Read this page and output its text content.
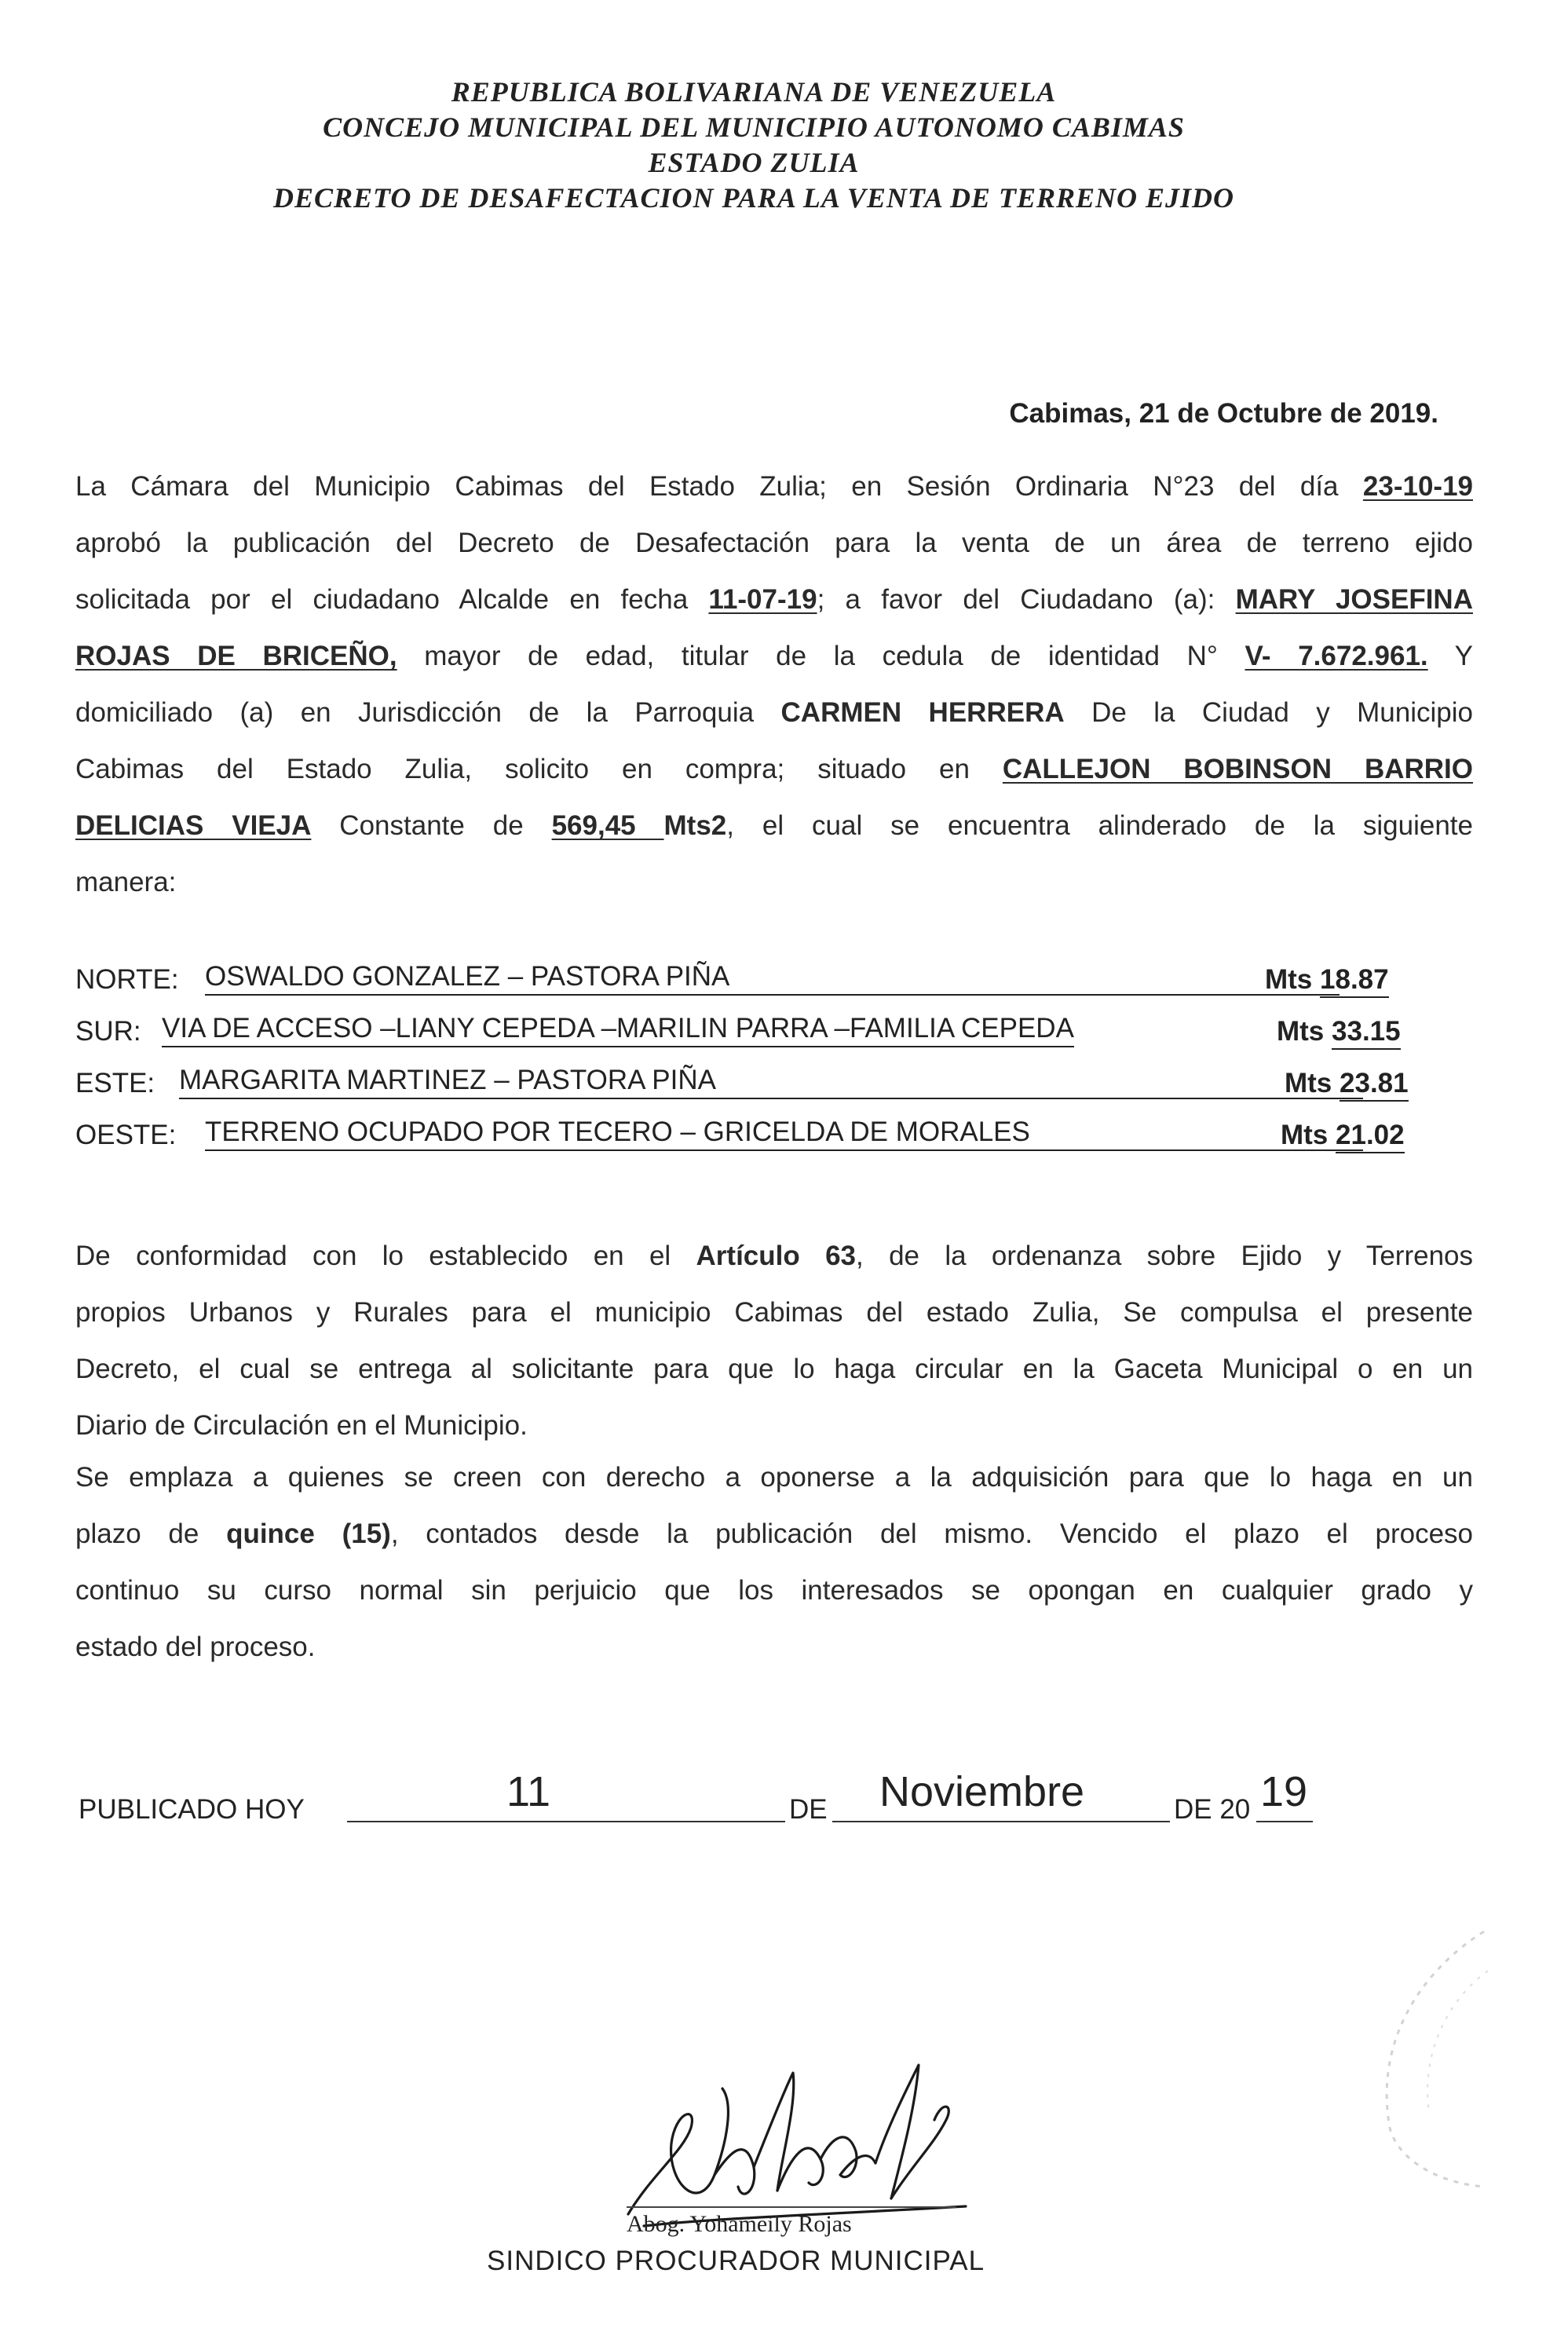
REPUBLICA BOLIVARIANA DE VENEZUELA
CONCEJO MUNICIPAL DEL MUNICIPIO AUTONOMO CABIMAS
ESTADO ZULIA
DECRETO DE DESAFECTACION PARA LA VENTA DE TERRENO EJIDO
Cabimas, 21 de Octubre de 2019.
La Cámara del Municipio Cabimas del Estado Zulia; en Sesión Ordinaria N°23 del día 23-10-19
aprobó la publicación del Decreto de Desafectación para la venta de un área de terreno ejido
solicitada por el ciudadano Alcalde en fecha 11-07-19; a favor del Ciudadano (a): MARY JOSEFINA
ROJAS DE BRICEÑO, mayor de edad, titular de la cedula de identidad N° V- 7.672.961. Y
domiciliado (a) en Jurisdicción de la Parroquia CARMEN HERRERA De la Ciudad y Municipio
Cabimas del Estado Zulia, solicito en compra; situado en CALLEJON BOBINSON BARRIO
DELICIAS VIEJA Constante de 569,45 Mts2, el cual se encuentra alinderado de la siguiente
manera:
NORTE: OSWALDO GONZALEZ – PASTORA PIÑA	Mts 18.87
SUR: VIA DE ACCESO –LIANY CEPEDA –MARILIN PARRA –FAMILIA CEPEDA	Mts 33.15
ESTE: MARGARITA MARTINEZ – PASTORA PIÑA	Mts 23.81
OESTE: TERRENO OCUPADO POR TECERO – GRICELDA DE MORALES	Mts 21.02
De conformidad con lo establecido en el Artículo 63, de la ordenanza sobre Ejido y Terrenos
propios Urbanos y Rurales para el municipio Cabimas del estado Zulia, Se compulsa el presente
Decreto, el cual se entrega al solicitante para que lo haga circular en la Gaceta Municipal o en un
Diario de Circulación en el Municipio.
Se emplaza a quienes se creen con derecho a oponerse a la adquisición para que lo haga en un
plazo de quince (15), contados desde la publicación del mismo. Vencido el plazo el proceso
continuo su curso normal sin perjuicio que los interesados se opongan en cualquier grado y
estado del proceso.
PUBLICADO HOY	11	DE Noviembre	DE 20 19
Abog. Yohameily Rojas
SINDICO PROCURADOR MUNICIPAL
